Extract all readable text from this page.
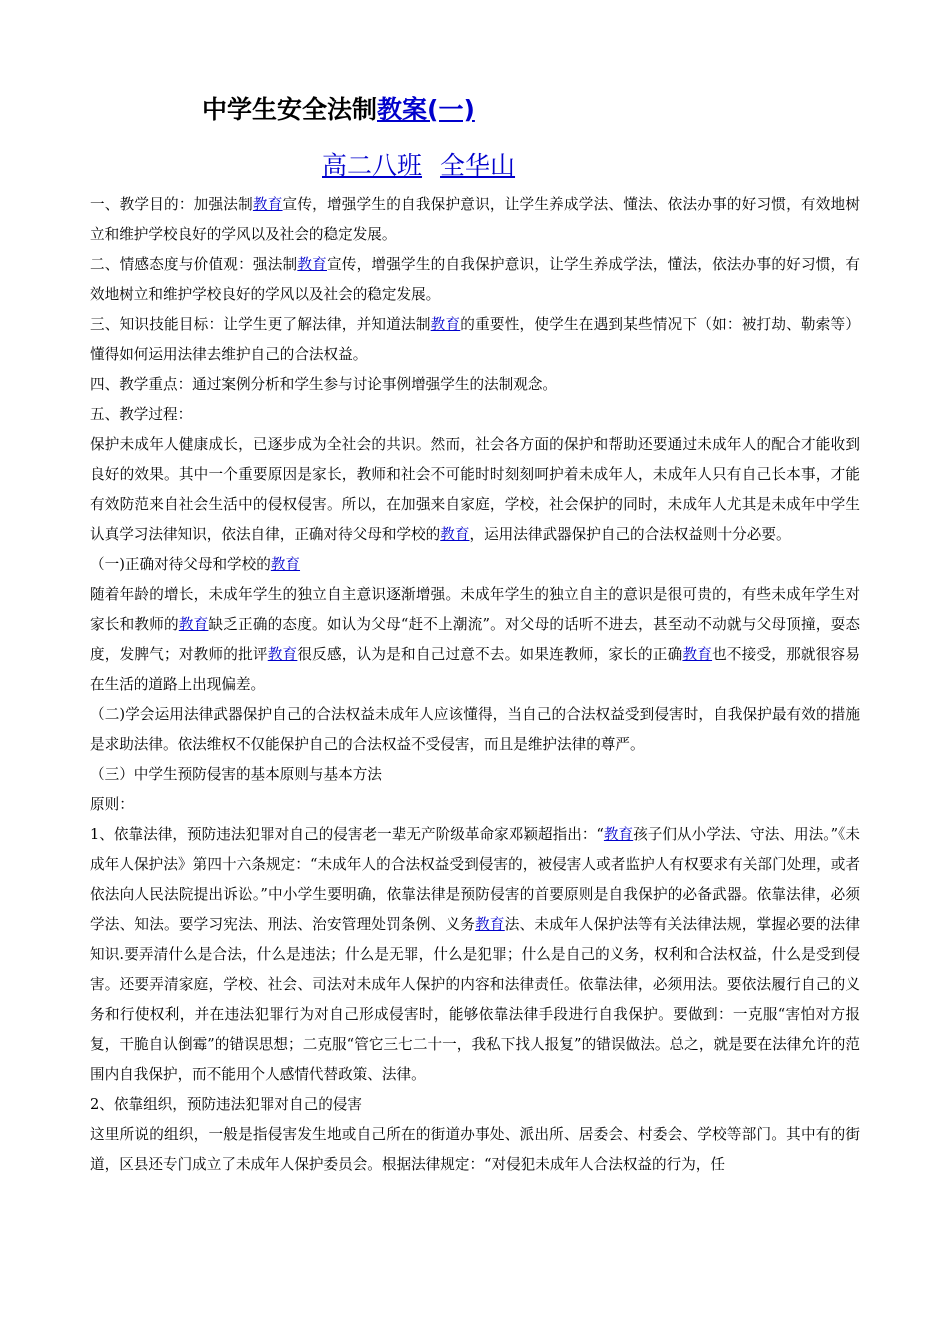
中学生安全法制教案(一)
高二八班 全华山

一、教学目的：加强法制教育宣传，增强学生的自我保护意识，让学生养成学法、懂法、依法办事的好习惯，有效地树立和维护学校良好的学风以及社会的稳定发展。

二、情感态度与价值观：强法制教育宣传，增强学生的自我保护意识，让学生养成学法，懂法，依法办事的好习惯，有效地树立和维护学校良好的学风以及社会的稳定发展。

三、知识技能目标：让学生更了解法律，并知道法制教育的重要性，使学生在遇到某些情况下（如：被打劫、勒索等）懂得如何运用法律去维护自己的合法权益。

四、教学重点：通过案例分析和学生参与讨论事例增强学生的法制观念。

五、教学过程：

保护未成年人健康成长，已逐步成为全社会的共识。然而，社会各方面的保护和帮助还要通过未成年人的配合才能收到良好的效果。其中一个重要原因是家长，教师和社会不可能时时刻刻呵护着未成年人，未成年人只有自己长本事，才能有效防范来自社会生活中的侵权侵害。所以，在加强来自家庭，学校，社会保护的同时，未成年人尤其是未成年中学生认真学习法律知识，依法自律，正确对待父母和学校的教育，运用法律武器保护自己的合法权益则十分必要。

（一)正确对待父母和学校的教育

随着年龄的增长，未成年学生的独立自主意识逐渐增强。未成年学生的独立自主的意识是很可贵的，有些未成年学生对家长和教师的教育缺乏正确的态度。如认为父母“赶不上潮流”。对父母的话听不进去，甚至动不动就与父母顶撞，耍态度，发脾气；对教师的批评教育很反感，认为是和自己过意不去。如果连教师，家长的正确教育也不接受，那就很容易在生活的道路上出现偏差。

（二)学会运用法律武器保护自己的合法权益未成年人应该懂得，当自己的合法权益受到侵害时，自我保护最有效的措施是求助法律。依法维权不仅能保护自己的合法权益不受侵害，而且是维护法律的尊严。

（三）中学生预防侵害的基本原则与基本方法

原则：

1、依靠法律，预防违法犯罪对自己的侵害老一辈无产阶级革命家邓颖超指出：“教育孩子们从小学法、守法、用法。”《未成年人保护法》第四十六条规定：“未成年人的合法权益受到侵害的，被侵害人或者监护人有权要求有关部门处理，或者依法向人民法院提出诉讼。”中小学生要明确，依靠法律是预防侵害的首要原则是自我保护的必备武器。依靠法律，必须学法、知法。要学习宪法、刑法、治安管理处罚条例、义务教育法、未成年人保护法等有关法律法规，掌握必要的法律知识.要弄清什么是合法，什么是违法；什么是无罪，什么是犯罪；什么是自己的义务，权利和合法权益，什么是受到侵害。还要弄清家庭，学校、社会、司法对未成年人保护的内容和法律责任。依靠法律，必须用法。要依法履行自己的义务和行使权利，并在违法犯罪行为对自己形成侵害时，能够依靠法律手段进行自我保护。要做到：一克服“害怕对方报复，干脆自认倒霉”的错误思想；二克服“管它三七二十一，我私下找人报复”的错误做法。总之，就是要在法律允许的范围内自我保护，而不能用个人感情代替政策、法律。

2、依靠组织，预防违法犯罪对自己的侵害

这里所说的组织，一般是指侵害发生地或自己所在的街道办事处、派出所、居委会、村委会、学校等部门。其中有的街道，区县还专门成立了未成年人保护委员会。根据法律规定：“对侵犯未成年人合法权益的行为，任
